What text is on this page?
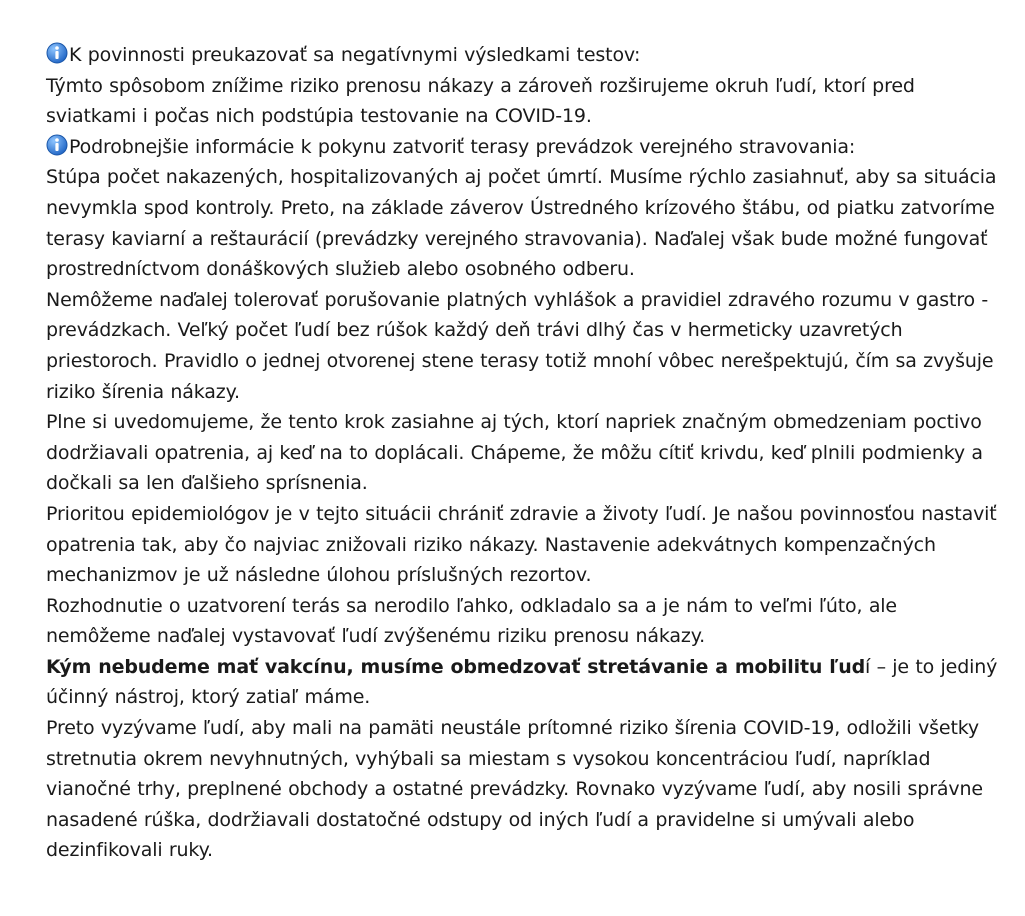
K povinnosti preukazovať sa negatívnymi výsledkami testov:

Týmto spôsobom znížime riziko prenosu nákazy a zároveň rozširujeme okruh ľudí, ktorí pred sviatkami i počas nich podstúpia testovanie na COVID-19.

Podrobnejšie informácie k pokynu zatvoriť terasy prevádzok verejného stravovania:

Stúpa počet nakazených, hospitalizovaných aj počet úmrtí. Musíme rýchlo zasiahnuť, aby sa situácia nevymkla spod kontroly. Preto, na základe záverov Ústredného krízového štábu, od piatku zatvoríme terasy kaviarní a reštaurácií (prevádzky verejného stravovania). Naďalej však bude možné fungovať prostredníctvom donáškových služieb alebo osobného odberu.

Nemôžeme naďalej tolerovať porušovanie platných vyhlášok a pravidiel zdravého rozumu v gastro - prevádzkach. Veľký počet ľudí bez rúšok každý deň trávi dlhý čas v hermeticky uzavretých priestoroch. Pravidlo o jednej otvorenej stene terasy totiž mnohí vôbec nerešpektujú, čím sa zvyšuje riziko šírenia nákazy.

Plne si uvedomujeme, že tento krok zasiahne aj tých, ktorí napriek značným obmedzeniam poctivo dodržiavali opatrenia, aj keď na to doplácali. Chápeme, že môžu cítiť krivdu, keď plnili podmienky a dočkali sa len ďalšieho sprísnenia.

Prioritou epidemiológov je v tejto situácii chrániť zdravie a životy ľudí. Je našou povinnosťou nastaviť opatrenia tak, aby čo najviac znižovali riziko nákazy. Nastavenie adekvátnych kompenzačných mechanizmov je už následne úlohou príslušných rezortov.

Rozhodnutie o uzatvorení terás sa nerodilo ľahko, odkladalo sa a je nám to veľmi ľúto, ale nemôžeme naďalej vystavovať ľudí zvýšenému riziku prenosu nákazy.

Kým nebudeme mať vakcínu, musíme obmedzovať stretávanie a mobilitu ľudí – je to jediný účinný nástroj, ktorý zatiaľ máme.

Preto vyzývame ľudí, aby mali na pamäti neustále prítomné riziko šírenia COVID-19, odložili všetky stretnutia okrem nevyhnutných, vyhýbali sa miestam s vysokou koncentráciou ľudí, napríklad vianočné trhy, preplnené obchody a ostatné prevádzky. Rovnako vyzývame ľudí, aby nosili správne nasadené rúška, dodržiavali dostatočné odstupy od iných ľudí a pravidelne si umývali alebo dezinfikovali ruky.
